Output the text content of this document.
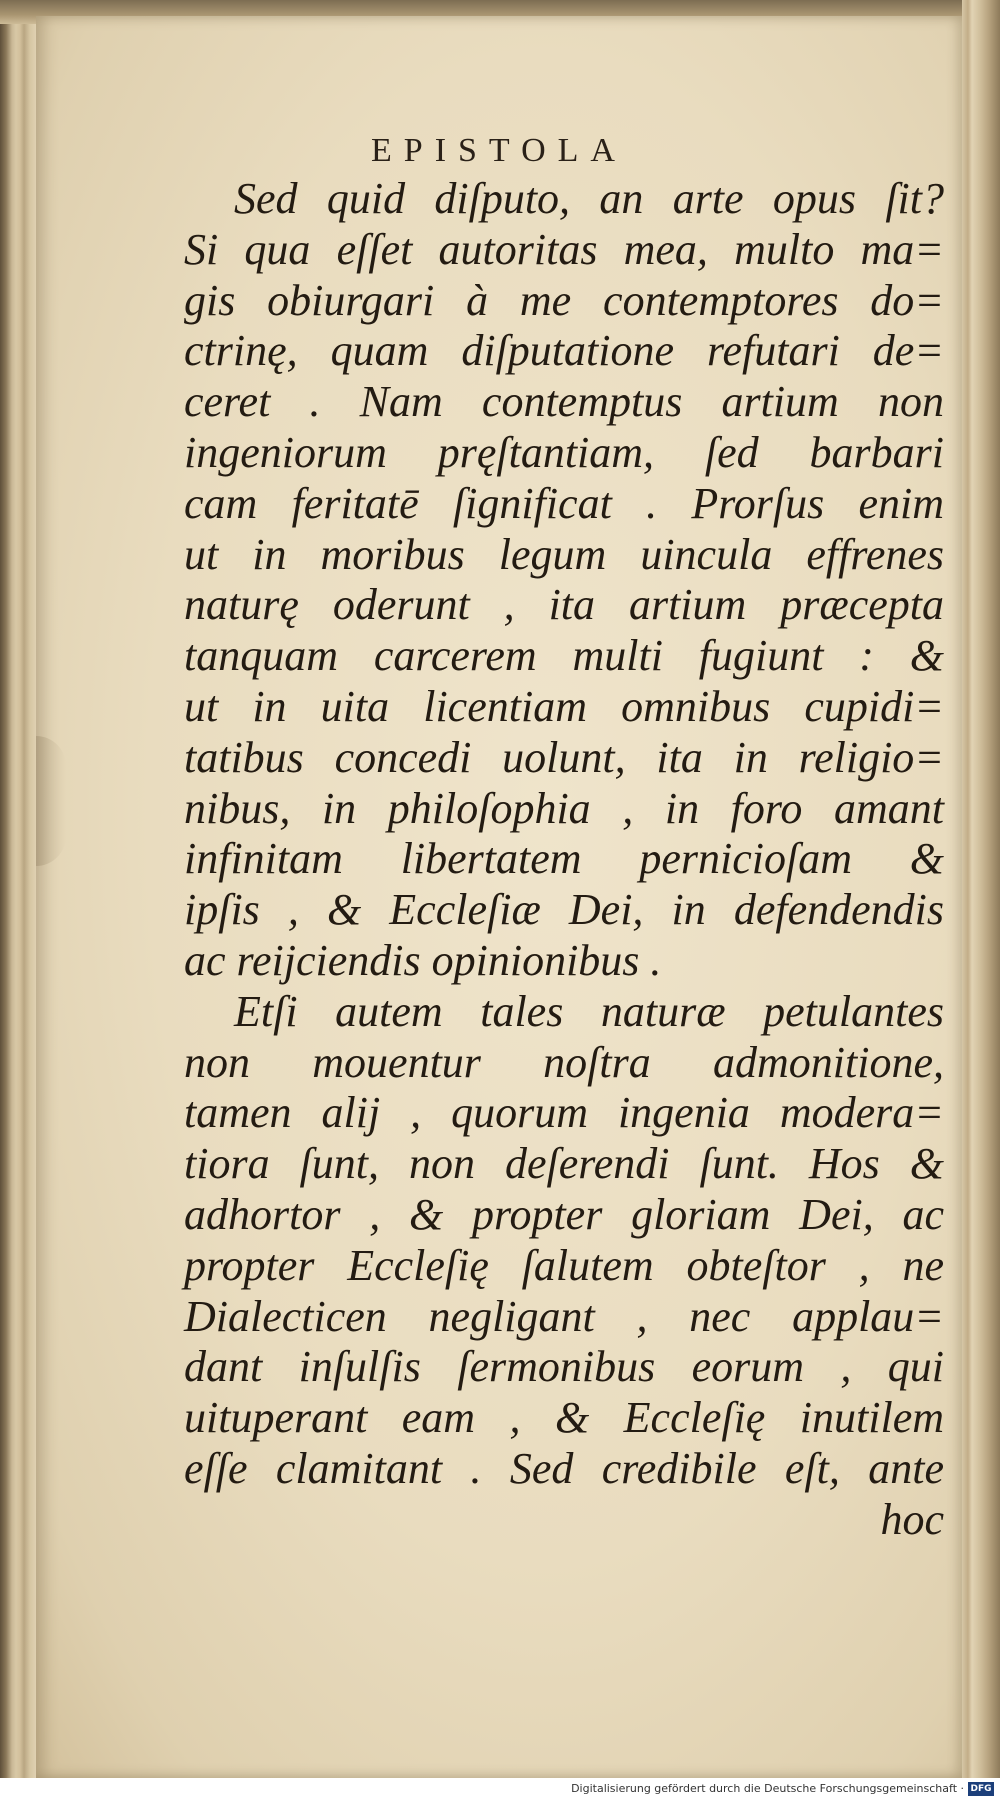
EPISTOLA
Sed quid diſputo, an arte opus ſit?
Si qua eſſet autoritas mea, multo ma=
gis obiurgari à me contemptores do=
ctrinę, quam diſputatione refutari de=
ceret . Nam contemptus artium non
ingeniorum pręſtantiam, ſed barbari
cam feritatē ſignificat . Prorſus enim
ut in moribus legum uincula effrenes
naturę oderunt , ita artium præcepta
tanquam carcerem multi fugiunt : &
ut in uita licentiam omnibus cupidi=
tatibus concedi uolunt, ita in religio=
nibus, in philoſophia , in foro amant
infinitam libertatem pernicioſam &
ipſis , & Eccleſiæ Dei, in defendendis
ac reijciendis opinionibus .
Etſi autem tales naturæ petulantes
non mouentur noſtra admonitione,
tamen alij , quorum ingenia modera=
tiora ſunt, non deſerendi ſunt. Hos &
adhortor , & propter gloriam Dei, ac
propter Eccleſię ſalutem obteſtor , ne
Dialecticen negligant , nec applau=
dant inſulſis ſermonibus eorum , qui
uituperant eam , & Eccleſię inutilem
eſſe clamitant . Sed credibile eſt, ante
hoc
Digitalisierung gefördert durch die Deutsche Forschungsgemeinschaft · DFG
